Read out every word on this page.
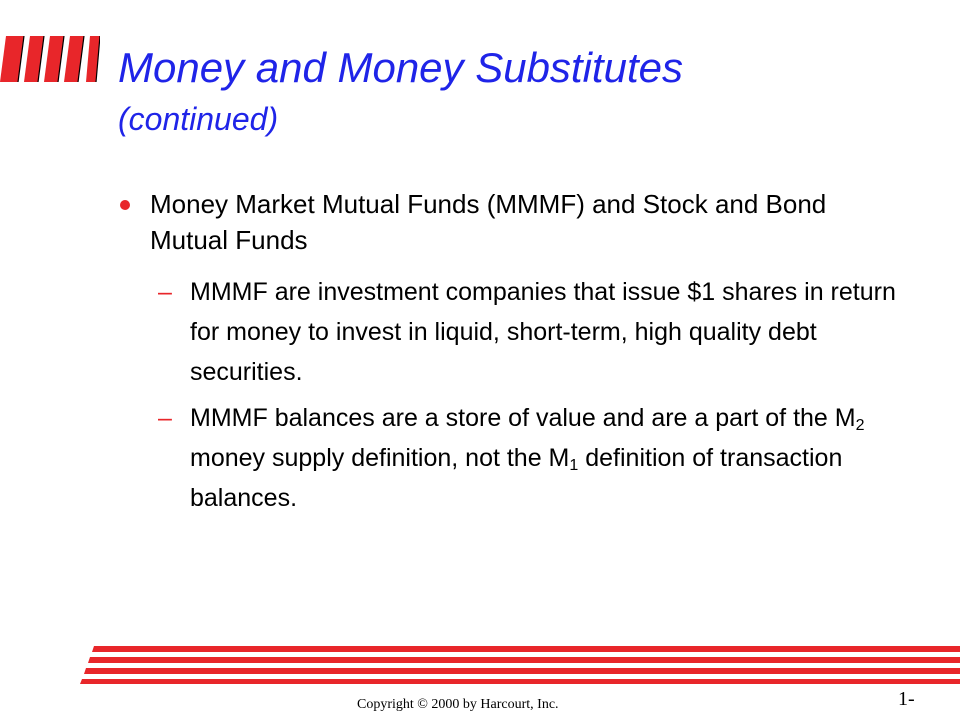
Money and Money Substitutes
(continued)
Money Market Mutual Funds (MMMF) and Stock and Bond Mutual Funds
– MMMF are investment companies that issue $1 shares in return for money to invest in liquid, short-term, high quality debt securities.
– MMMF balances are a store of value and are a part of the $M_2$ money supply definition, not the $M_1$ definition of transaction balances.
Copyright © 2000 by Harcourt, Inc.	1-
